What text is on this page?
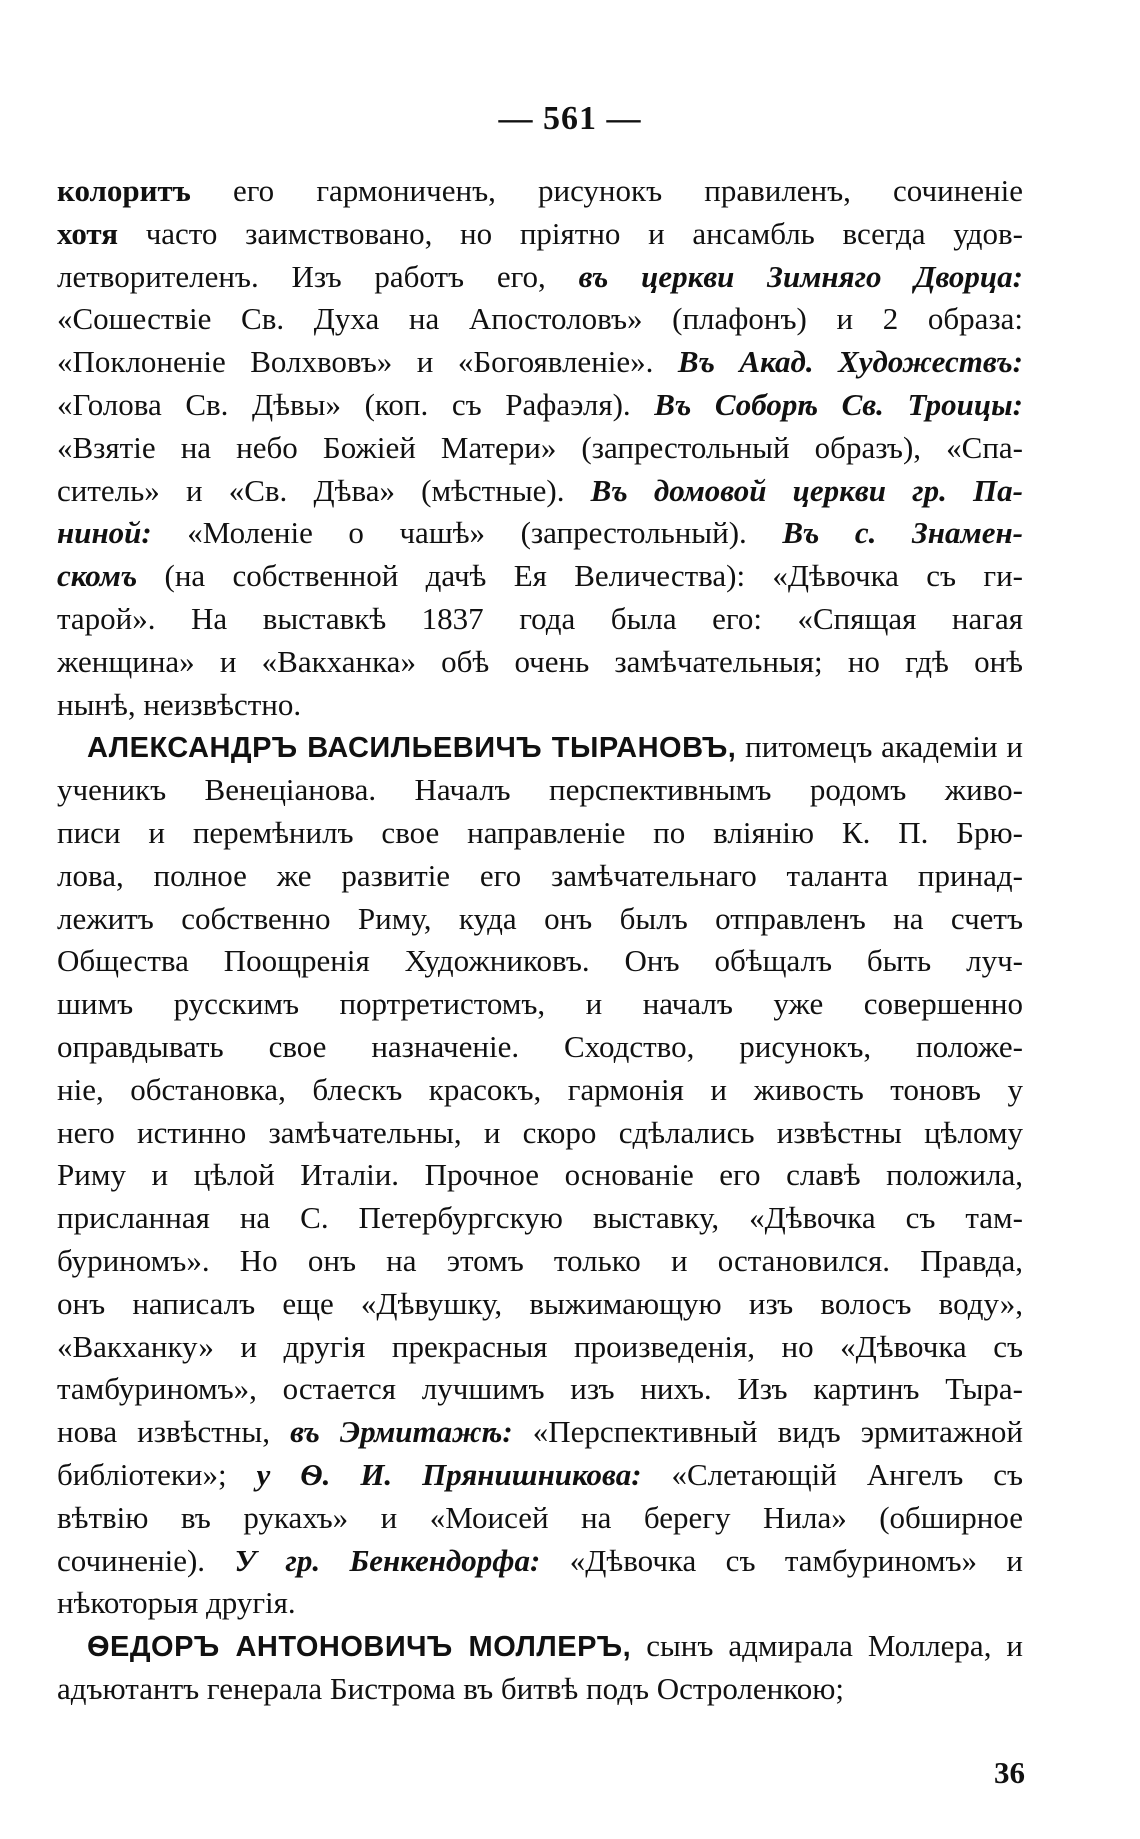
— 561 —
колоритъ его гармониченъ, рисунокъ правиленъ, сочиненіе
хотя часто заимствовано, но пріятно и ансамбль всегда удов-
летворителенъ. Изъ работъ его, въ церкви Зимняго Дворца:
«Сошествіе Св. Духа на Апостоловъ» (плафонъ) и 2 образа:
«Поклоненіе Волхвовъ» и «Богоявленіе». Въ Акад. Художествъ:
«Голова Св. Дѣвы» (коп. съ Рафаэля). Въ Соборѣ Св. Троицы:
«Взятіе на небо Божіей Матери» (запрестольный образъ), «Спа-
ситель» и «Св. Дѣва» (мѣстные). Въ домовой церкви гр. Па-
ниной: «Моленіе о чашѣ» (запрестольный). Въ с. Знамен-
скомъ (на собственной дачѣ Ея Величества): «Дѣвочка съ ги-
тарой». На выставкѣ 1837 года была его: «Спящая нагая
женщина» и «Вакханка» обѣ очень замѣчательныя; но гдѣ онѣ
нынѣ, неизвѣстно.
АЛЕКСАНДРЪ ВАСИЛЬЕВИЧЪ ТЫРАНОВЪ, питомецъ академіи и
ученикъ Венеціанова. Началъ перспективнымъ родомъ живо-
писи и перемѣнилъ свое направленіе по вліянію К. П. Брю-
лова, полное же развитіе его замѣчательнаго таланта принад-
лежитъ собственно Риму, куда онъ былъ отправленъ на счетъ
Общества Поощренія Художниковъ. Онъ обѣщалъ быть луч-
шимъ русскимъ портретистомъ, и началъ уже совершенно
оправдывать свое назначеніе. Сходство, рисунокъ, положе-
ніе, обстановка, блескъ красокъ, гармонія и живость тоновъ у
него истинно замѣчательны, и скоро сдѣлались извѣстны цѣлому
Риму и цѣлой Италіи. Прочное основаніе его славѣ положила,
присланная на С. Петербургскую выставку, «Дѣвочка съ там-
буриномъ». Но онъ на этомъ только и остановился. Правда,
онъ написалъ еще «Дѣвушку, выжимающую изъ волосъ воду»,
«Вакханку» и другія прекрасныя произведенія, но «Дѣвочка съ
тамбуриномъ», остается лучшимъ изъ нихъ. Изъ картинъ Тыра-
нова извѣстны, въ Эрмитажѣ: «Перспективный видъ эрмитажной
библіотеки»; у Ѳ. И. Прянишникова: «Слетающій Ангелъ съ
вѣтвію въ рукахъ» и «Моисей на берегу Нила» (обширное
сочиненіе). У гр. Бенкендорфа: «Дѣвочка съ тамбуриномъ» и
нѣкоторыя другія.
ѲЕДОРЪ АНТОНОВИЧЪ МОЛЛЕРЪ, сынъ адмирала Моллера, и
адъютантъ генерала Бистрома въ битвѣ подъ Остроленкою;
36
